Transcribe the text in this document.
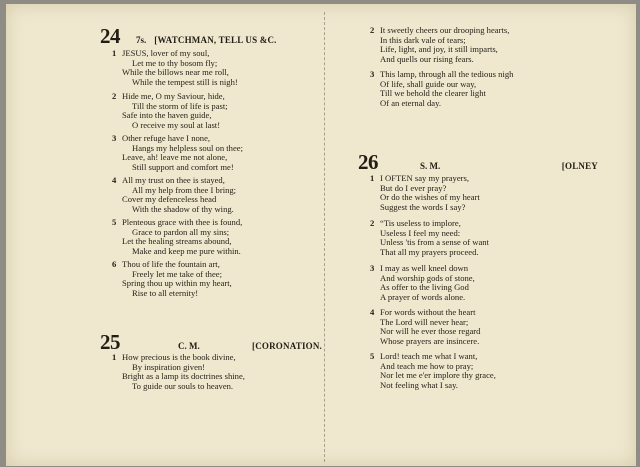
24	7s. [WATCHMAN, TELL US &C.
1 JESUS, lover of my soul,
Let me to thy bosom fly;
While the billows near me roll,
While the tempest still is nigh!
2 Hide me, O my Saviour, hide,
Till the storm of life is past;
Safe into the haven guide,
O receive my soul at last!
3 Other refuge have I none,
Hangs my helpless soul on thee;
Leave, ah! leave me not alone,
Still support and comfort me!
4 All my trust on thee is stayed,
All my help from thee I bring;
Cover my defenceless head
With the shadow of thy wing.
5 Plenteous grace with thee is found,
Grace to pardon all my sins;
Let the healing streams abound,
Make and keep me pure within.
6 Thou of life the fountain art,
Freely let me take of thee;
Spring thou up within my heart,
Rise to all eternity!
25	C. M.	[CORONATION.
1 How precious is the book divine,
By inspiration given!
Bright as a lamp its doctrines shine,
To guide our souls to heaven.
2 It sweetly cheers our drooping hearts,
In this dark vale of tears;
Life, light, and joy, it still imparts,
And quells our rising fears.
3 This lamp, through all the tedious nigh
Of life, shall guide our way,
Till we behold the clearer light
Of an eternal day.
26	S. M.	[OLNEY
1 I OFTEN say my prayers,
But do I ever pray?
Or do the wishes of my heart
Suggest the words I say?
2 “Tis useless to implore,
Useless I feel my need:
Unless 'tis from a sense of want
That all my prayers proceed.
3 I may as well kneel down
And worship gods of stone,
As offer to the living God
A prayer of words alone.
4 For words without the heart
The Lord will never hear;
Nor will he ever those regard
Whose prayers are insincere.
5 Lord! teach me what I want,
And teach me how to pray;
Nor let me e'er implore thy grace,
Not feeling what I say.
